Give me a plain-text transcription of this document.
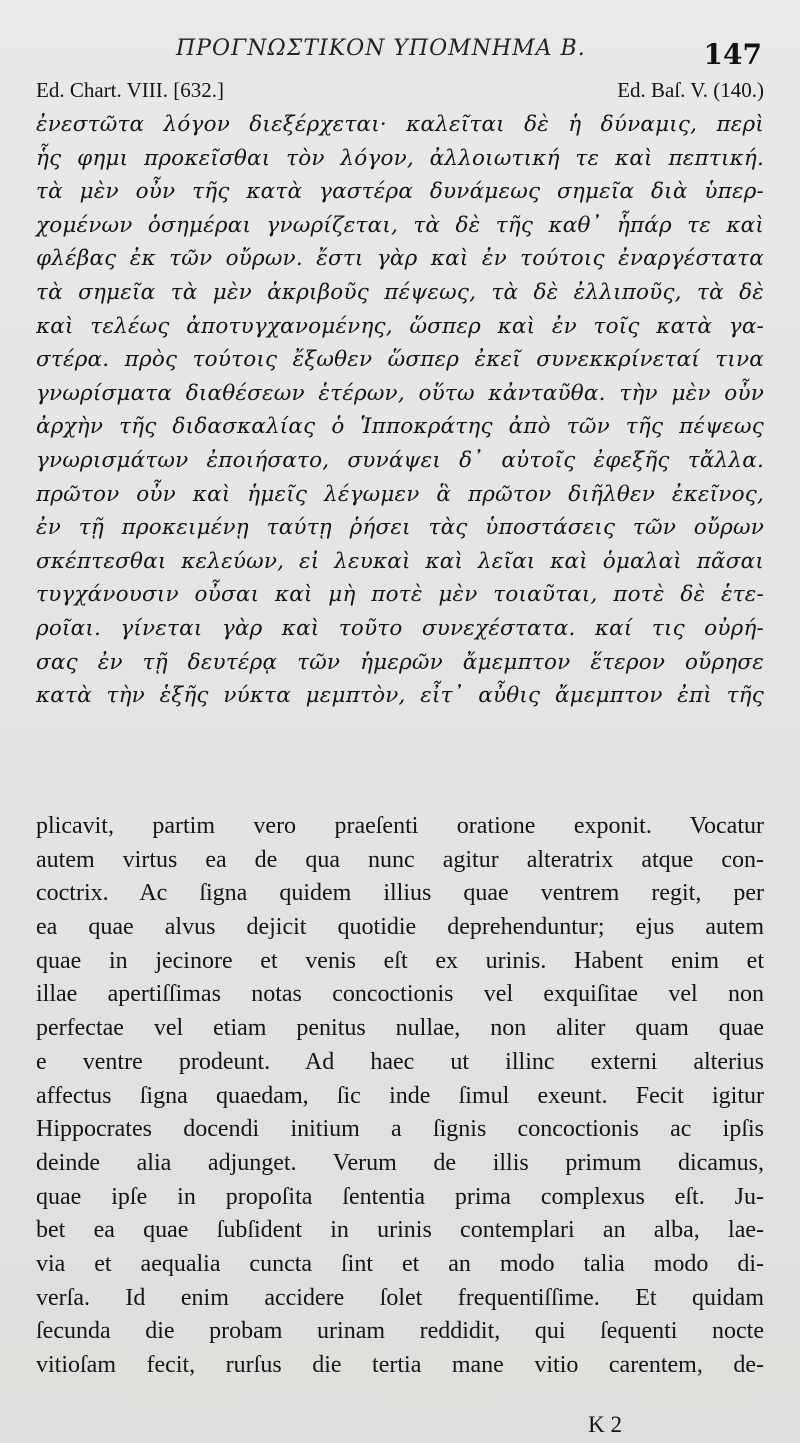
ΠΡΟΓΝΩΣΤΙΚΟΝ ΥΠΟΜΝΗΜΑ Β.	147
Ed. Chart. VIII. [632.]	Ed. Baſ. V. (140.)
ἐνεστῶτα λόγον διεξέρχεται· καλεῖται δὲ ἡ δύναμις, περὶ
ἧς φημι προκεῖσθαι τὸν λόγον, ἀλλοιωτική τε καὶ πεπτική.
τὰ μὲν οὖν τῆς κατὰ γαστέρα δυνάμεως σημεῖα διὰ ὑπερ-
χομένων ὁσημέραι γνωρίζεται, τὰ δὲ τῆς καθ᾽ ἧπάρ τε καὶ
φλέβας ἐκ τῶν οὔρων. ἔστι γὰρ καὶ ἐν τούτοις ἐναργέστατα
τὰ σημεῖα τὰ μὲν ἀκριβοῦς πέψεως, τὰ δὲ ἐλλιποῦς, τὰ δὲ
καὶ τελέως ἀποτυγχανομένης, ὥσπερ καὶ ἐν τοῖς κατὰ γα-
στέρα. πρὸς τούτοις ἔξωθεν ὥσπερ ἐκεῖ συνεκκρίνεταί τινα
γνωρίσματα διαθέσεων ἑτέρων, οὕτω κἀνταῦθα. τὴν μὲν οὖν
ἀρχὴν τῆς διδασκαλίας ὁ Ἱπποκράτης ἀπὸ τῶν τῆς πέψεως
γνωρισμάτων ἐποιήσατο, συνάψει δ᾽ αὐτοῖς ἐφεξῆς τἄλλα.
πρῶτον οὖν καὶ ἡμεῖς λέγωμεν ἃ πρῶτον διῆλθεν ἐκεῖνος,
ἐν τῇ προκειμένῃ ταύτῃ ῥήσει τὰς ὑποστάσεις τῶν οὔρων
σκέπτεσθαι κελεύων, εἰ λευκαὶ καὶ λεῖαι καὶ ὁμαλαὶ πᾶσαι
τυγχάνουσιν οὖσαι καὶ μὴ ποτὲ μὲν τοιαῦται, ποτὲ δὲ ἑτε-
ροῖαι. γίνεται γὰρ καὶ τοῦτο συνεχέστατα. καί τις οὐρή-
σας ἐν τῇ δευτέρᾳ τῶν ἡμερῶν ἄμεμπτον ἕτερον οὔρησε
κατὰ τὴν ἑξῆς νύκτα μεμπτὸν, εἶτ᾽ αὖθις ἄμεμπτον ἐπὶ τῆς
plicavit, partim vero praeſenti oratione exponit. Vocatur
autem virtus ea de qua nunc agitur alteratrix atque con-
coctrix. Ac ſigna quidem illius quae ventrem regit, per
ea quae alvus dejicit quotidie deprehenduntur; ejus autem
quae in jecinore et venis eſt ex urinis. Habent enim et
illae apertiſſimas notas concoctionis vel exquiſitae vel non
perfectae vel etiam penitus nullae, non aliter quam quae
e ventre prodeunt. Ad haec ut illinc externi alterius
affectus ſigna quaedam, ſic inde ſimul exeunt. Fecit igitur
Hippocrates docendi initium a ſignis concoctionis ac ipſis
deinde alia adjunget. Verum de illis primum dicamus,
quae ipſe in propoſita ſententia prima complexus eſt. Ju-
bet ea quae ſubſident in urinis contemplari an alba, lae-
via et aequalia cuncta ſint et an modo talia modo di-
verſa. Id enim accidere ſolet frequentiſſime. Et quidam
ſecunda die probam urinam reddidit, qui ſequenti nocte
vitioſam fecit, rurſus die tertia mane vitio carentem, de-
K 2
